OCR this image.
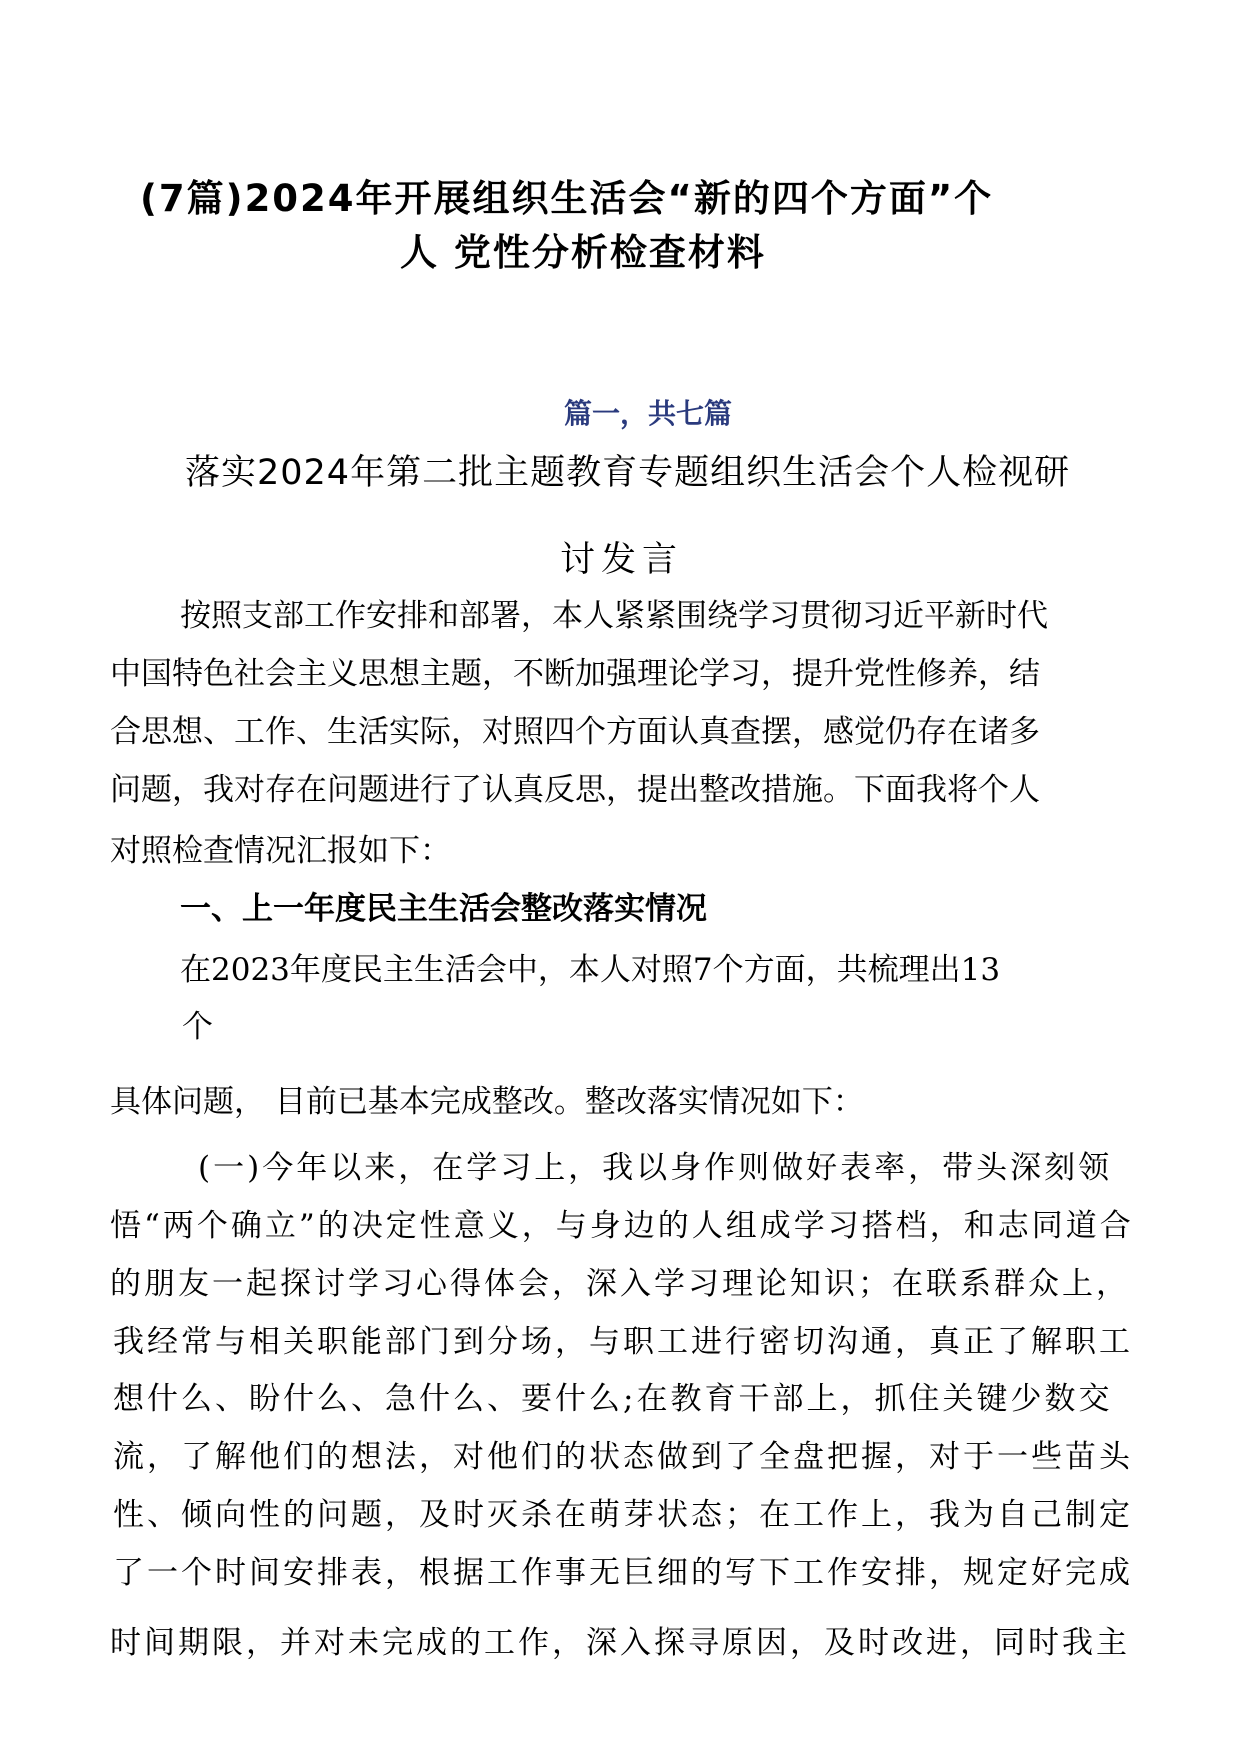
(7篇)2024年开展组织生活会“新的四个方面”个

人 党性分析检查材料

篇一，共七篇

落实2024年第二批主题教育专题组织生活会个人检视研

讨发言

按照支部工作安排和部署，本人紧紧围绕学习贯彻习近平新时代

中国特色社会主义思想主题，不断加强理论学习，提升党性修养，结

合思想、工作、生活实际，对照四个方面认真查摆，感觉仍存在诸多

问题，我对存在问题进行了认真反思，提出整改措施。下面我将个人

对照检查情况汇报如下：

一、上一年度民主生活会整改落实情况

在2023年度民主生活会中，本人对照7个方面，共梳理出13

个

具体问题， 目前已基本完成整改。整改落实情况如下：

(一)今年以来，在学习上，我以身作则做好表率，带头深刻领

悟“两个确立”的决定性意义，与身边的人组成学习搭档，和志同道合

的朋友一起探讨学习心得体会，深入学习理论知识；在联系群众上，

我经常与相关职能部门到分场，与职工进行密切沟通，真正了解职工

想什么、盼什么、急什么、要什么;在教育干部上，抓住关键少数交

流，了解他们的想法，对他们的状态做到了全盘把握，对于一些苗头

性、倾向性的问题，及时灭杀在萌芽状态；在工作上，我为自己制定

了一个时间安排表，根据工作事无巨细的写下工作安排，规定好完成

时间期限，并对未完成的工作，深入探寻原因，及时改进，同时我主
